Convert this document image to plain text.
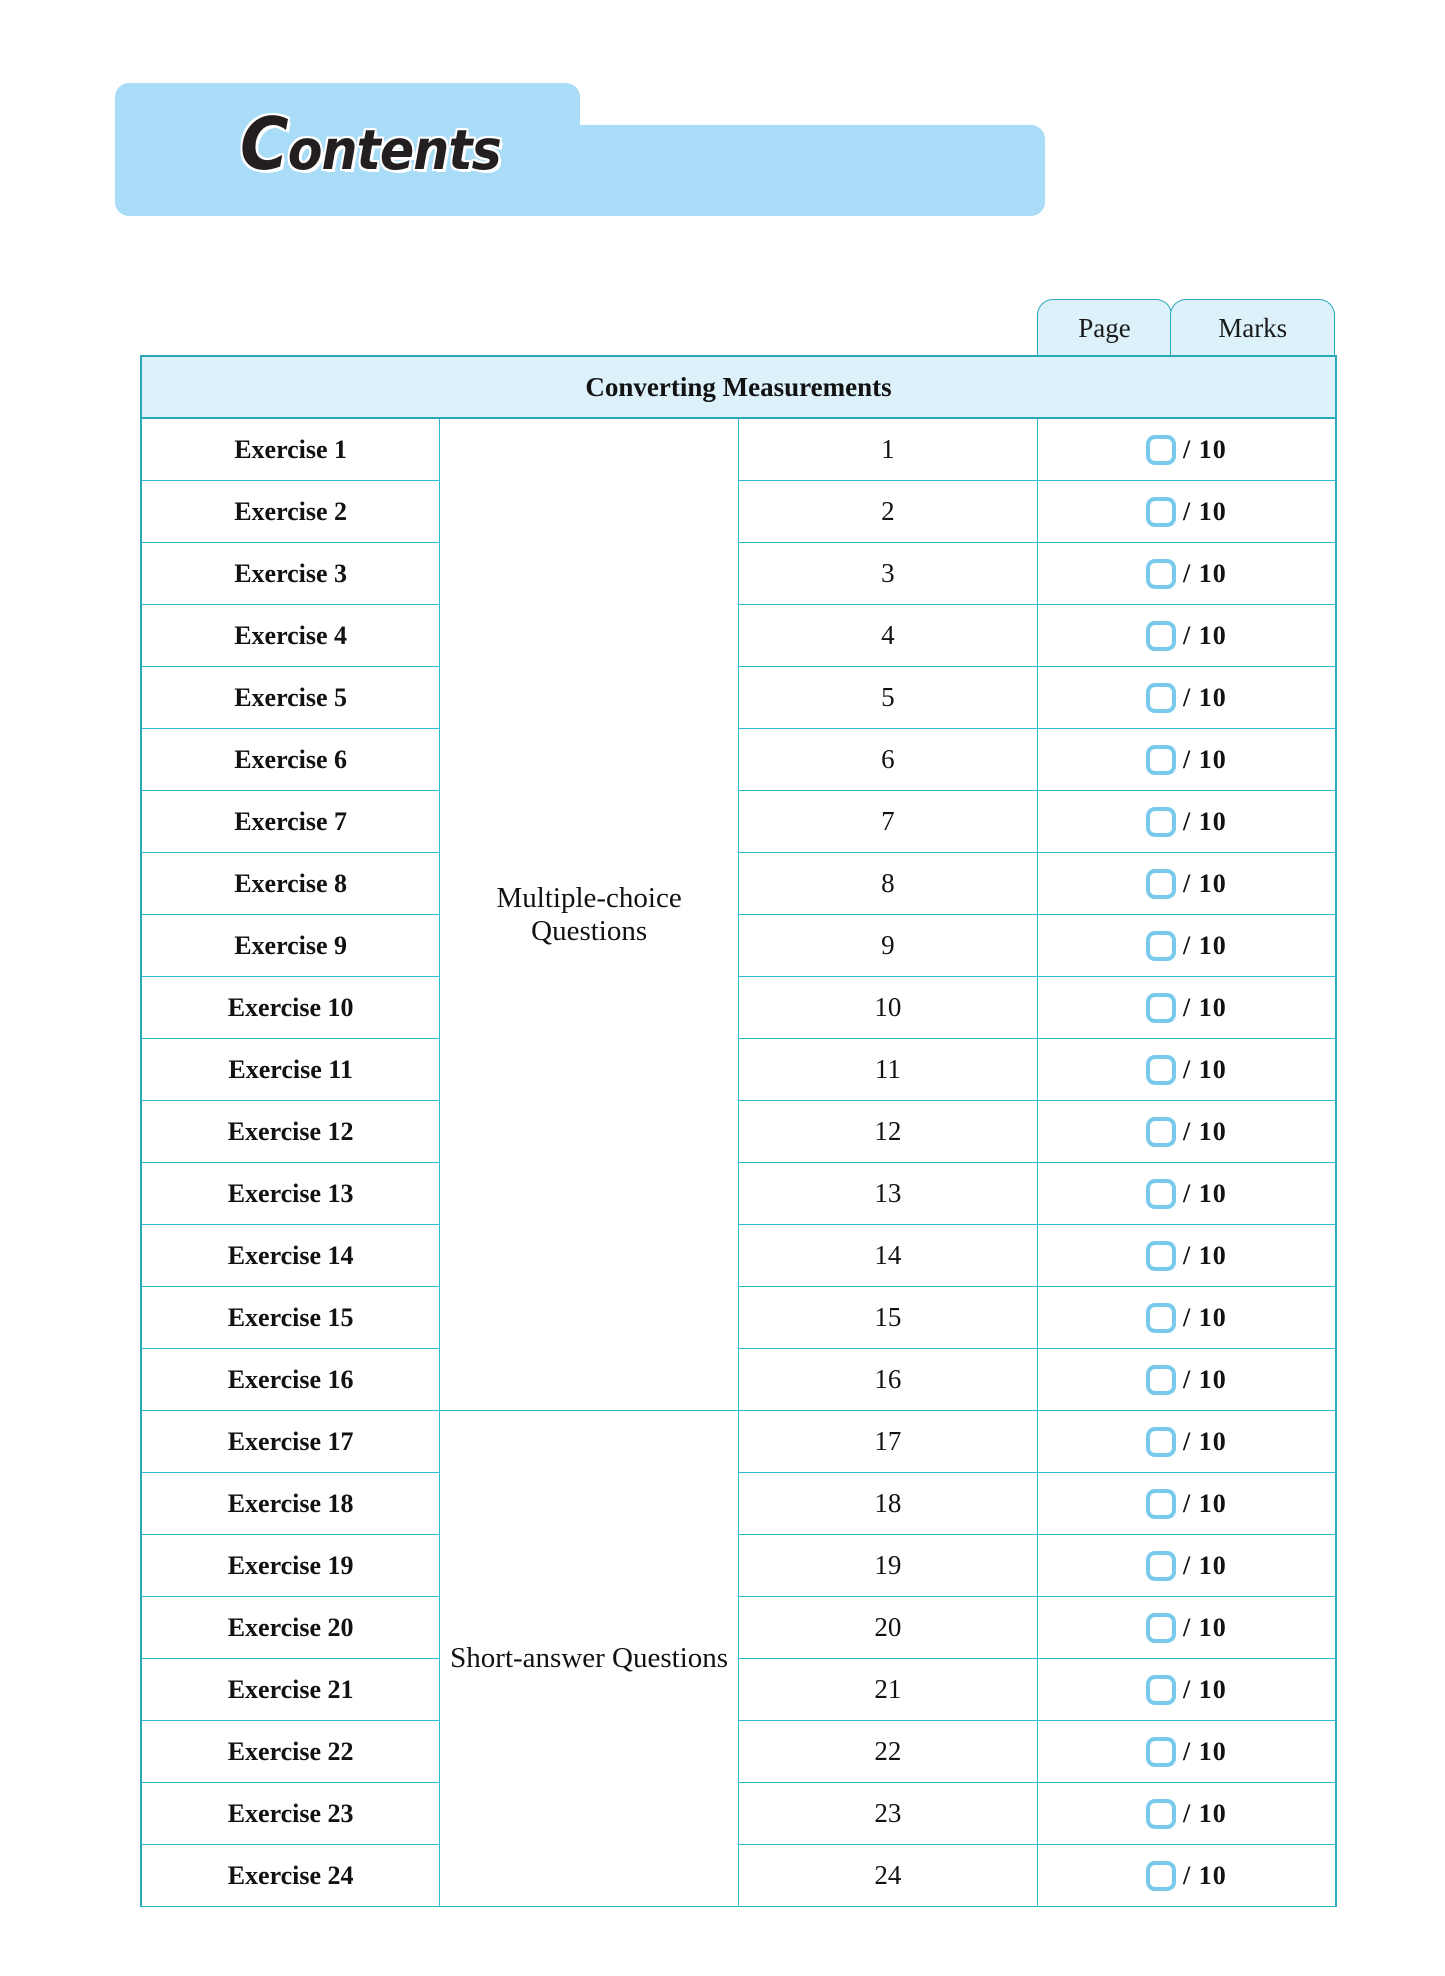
Contents
Page	Marks
Converting Measurements			
Exercise 1	Multiple-choice Questions	1	/ 10

Exercise 2		2	/ 10

Exercise 3		3	/ 10

Exercise 4		4	/ 10

Exercise 5		5	/ 10

Exercise 6		6	/ 10

Exercise 7		7	/ 10

Exercise 8		8	/ 10

Exercise 9		9	/ 10

Exercise 10		10	/ 10

Exercise 11		11	/ 10

Exercise 12		12	/ 10

Exercise 13		13	/ 10

Exercise 14		14	/ 10

Exercise 15		15	/ 10

Exercise 16		16	/ 10

Exercise 17	Short-answer Questions	17	/ 10

Exercise 18		18	/ 10

Exercise 19		19	/ 10

Exercise 20		20	/ 10

Exercise 21		21	/ 10

Exercise 22		22	/ 10

Exercise 23		23	/ 10

Exercise 24		24	/ 10
